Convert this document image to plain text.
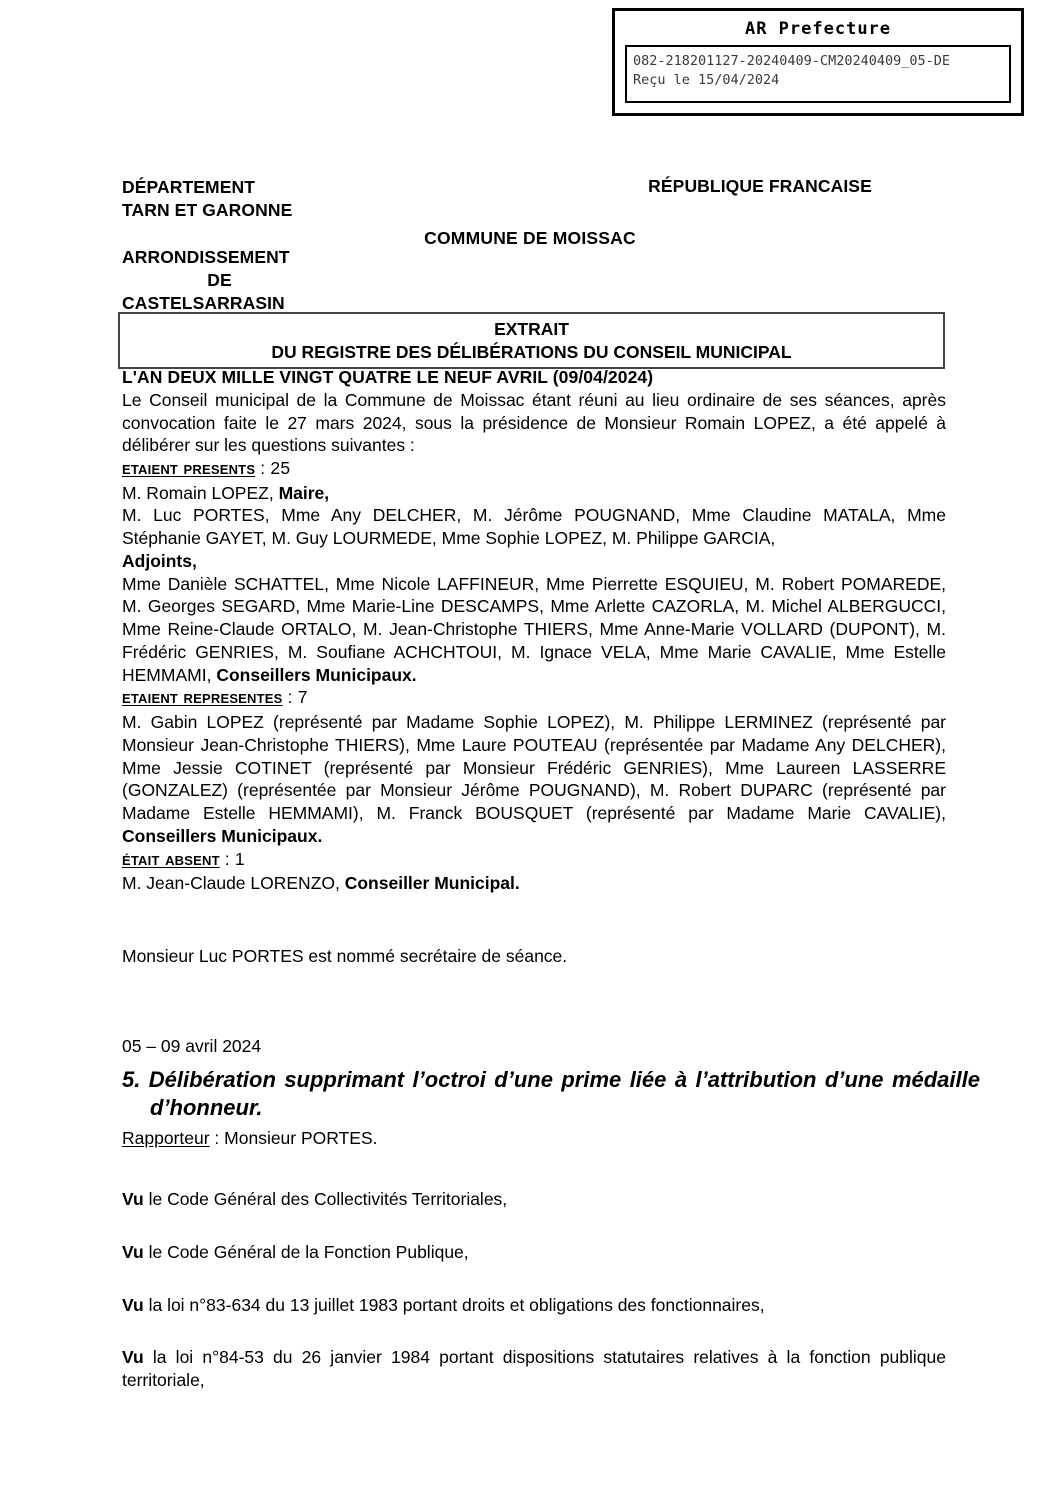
AR Prefecture
082-218201127-20240409-CM20240409_05-DE
Reçu le 15/04/2024
DÉPARTEMENT
TARN ET GARONNE
ARRONDISSEMENT
DE
CASTELSARRASIN
RÉPUBLIQUE FRANCAISE
COMMUNE DE MOISSAC
EXTRAIT
DU REGISTRE DES DÉLIBÉRATIONS DU CONSEIL MUNICIPAL
L'AN DEUX MILLE VINGT QUATRE LE NEUF AVRIL (09/04/2024)

Le Conseil municipal de la Commune de Moissac étant réuni au lieu ordinaire de ses séances, après convocation faite le 27 mars 2024, sous la présidence de Monsieur Romain LOPEZ, a été appelé à délibérer sur les questions suivantes :

etaient presents : 25
M. Romain LOPEZ, Maire,

M. Luc PORTES, Mme Any DELCHER, M. Jérôme POUGNAND, Mme Claudine MATALA, Mme Stéphanie GAYET, M. Guy LOURMEDE, Mme Sophie LOPEZ, M. Philippe GARCIA,

Adjoints,

Mme Danièle SCHATTEL, Mme Nicole LAFFINEUR, Mme Pierrette ESQUIEU, M. Robert POMAREDE, M. Georges SEGARD, Mme Marie-Line DESCAMPS, Mme Arlette CAZORLA, M. Michel ALBERGUCCI, Mme Reine-Claude ORTALO, M. Jean-Christophe THIERS, Mme Anne-Marie VOLLARD (DUPONT), M. Frédéric GENRIES, M. Soufiane ACHCHTOUI, M. Ignace VELA, Mme Marie CAVALIE, Mme Estelle HEMMAMI, Conseillers Municipaux.

etaient representes : 7

M. Gabin LOPEZ (représenté par Madame Sophie LOPEZ), M. Philippe LERMINEZ (représenté par Monsieur Jean-Christophe THIERS), Mme Laure POUTEAU (représentée par Madame Any DELCHER), Mme Jessie COTINET (représenté par Monsieur Frédéric GENRIES), Mme Laureen LASSERRE (GONZALEZ) (représentée par Monsieur Jérôme POUGNAND), M. Robert DUPARC (représenté par Madame Estelle HEMMAMI), M. Franck BOUSQUET (représenté par Madame Marie CAVALIE), Conseillers Municipaux.

était absent : 1
M. Jean-Claude LORENZO, Conseiller Municipal.
Monsieur Luc PORTES est nommé secrétaire de séance.
05 – 09 avril 2024
5. Délibération supprimant l’octroi d’une prime liée à l’attribution d’une médaille d’honneur.
Rapporteur : Monsieur PORTES.

Vu le Code Général des Collectivités Territoriales,

Vu le Code Général de la Fonction Publique,

Vu la loi n°83-634 du 13 juillet 1983 portant droits et obligations des fonctionnaires,

Vu la loi n°84-53 du 26 janvier 1984 portant dispositions statutaires relatives à la fonction publique territoriale,
